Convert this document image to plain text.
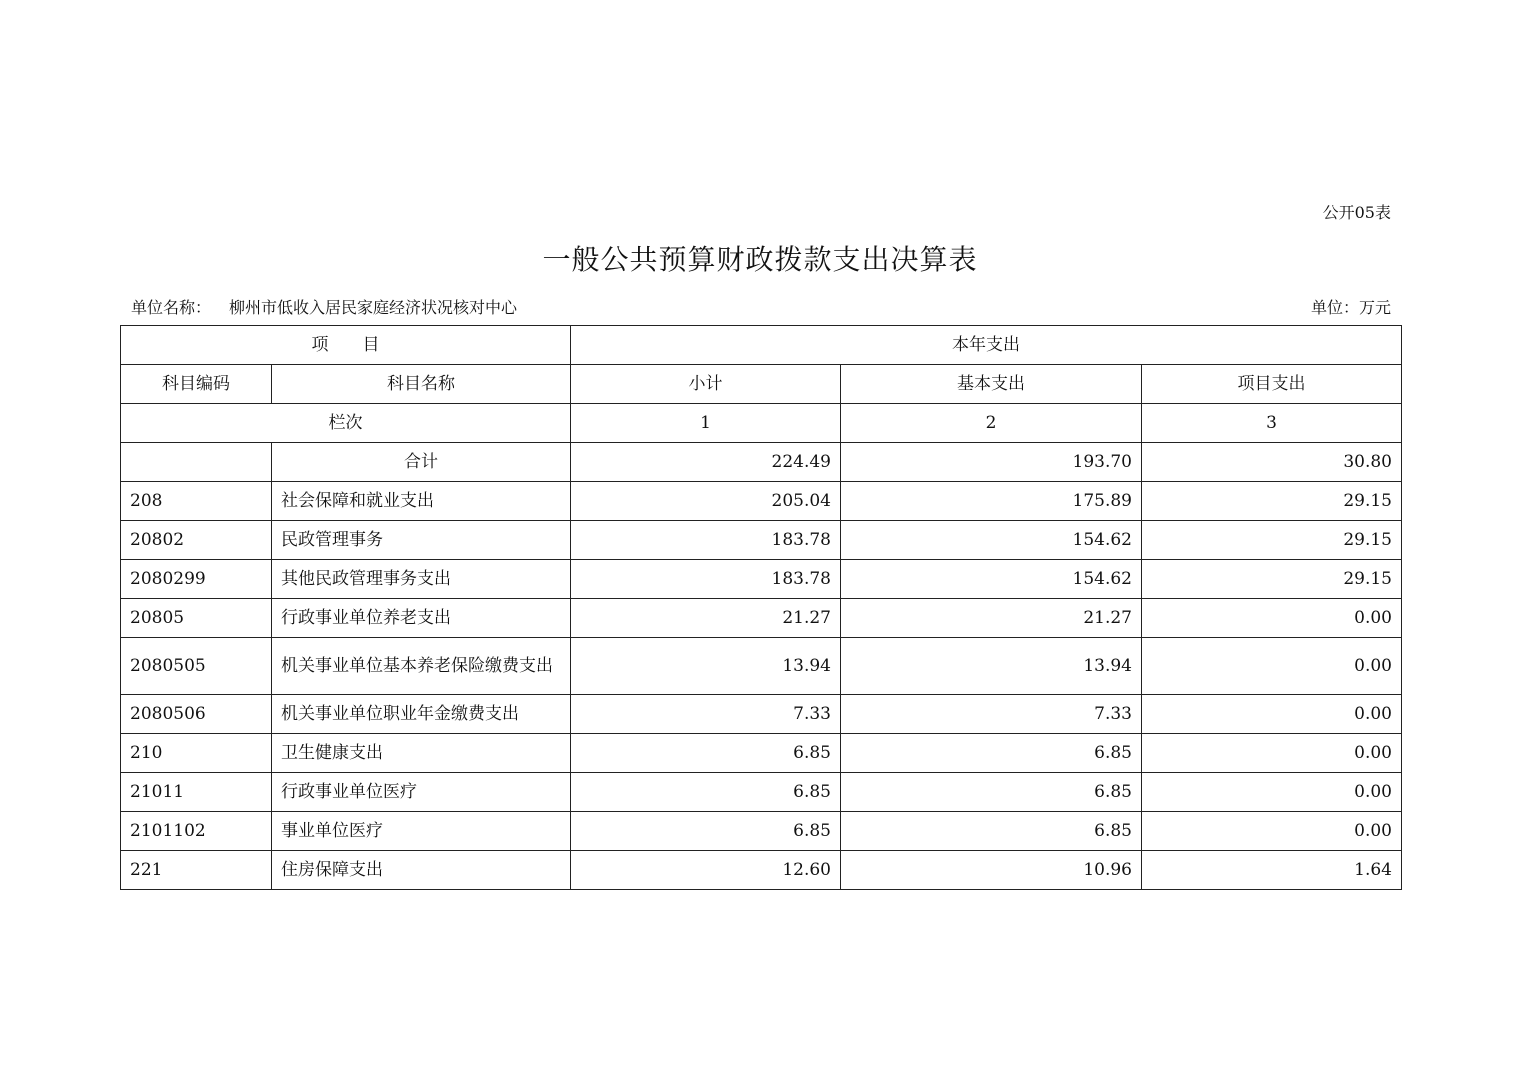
公开05表
一般公共预算财政拨款支出决算表
单位名称： 柳州市低收入居民家庭经济状况核对中心	单位：万元
项 目		本年支出		
科目编码	科目名称	小计	基本支出	项目支出
栏次		1	2	3
	合计	224.49	193.70	30.80
208	社会保障和就业支出	205.04	175.89	29.15
20802	民政管理事务	183.78	154.62	29.15
2080299	其他民政管理事务支出	183.78	154.62	29.15
20805	行政事业单位养老支出	21.27	21.27	0.00
2080505	机关事业单位基本养老保险缴费支出	13.94	13.94	0.00
2080506	机关事业单位职业年金缴费支出	7.33	7.33	0.00
210	卫生健康支出	6.85	6.85	0.00
21011	行政事业单位医疗	6.85	6.85	0.00
2101102	事业单位医疗	6.85	6.85	0.00
221	住房保障支出	12.60	10.96	1.64
